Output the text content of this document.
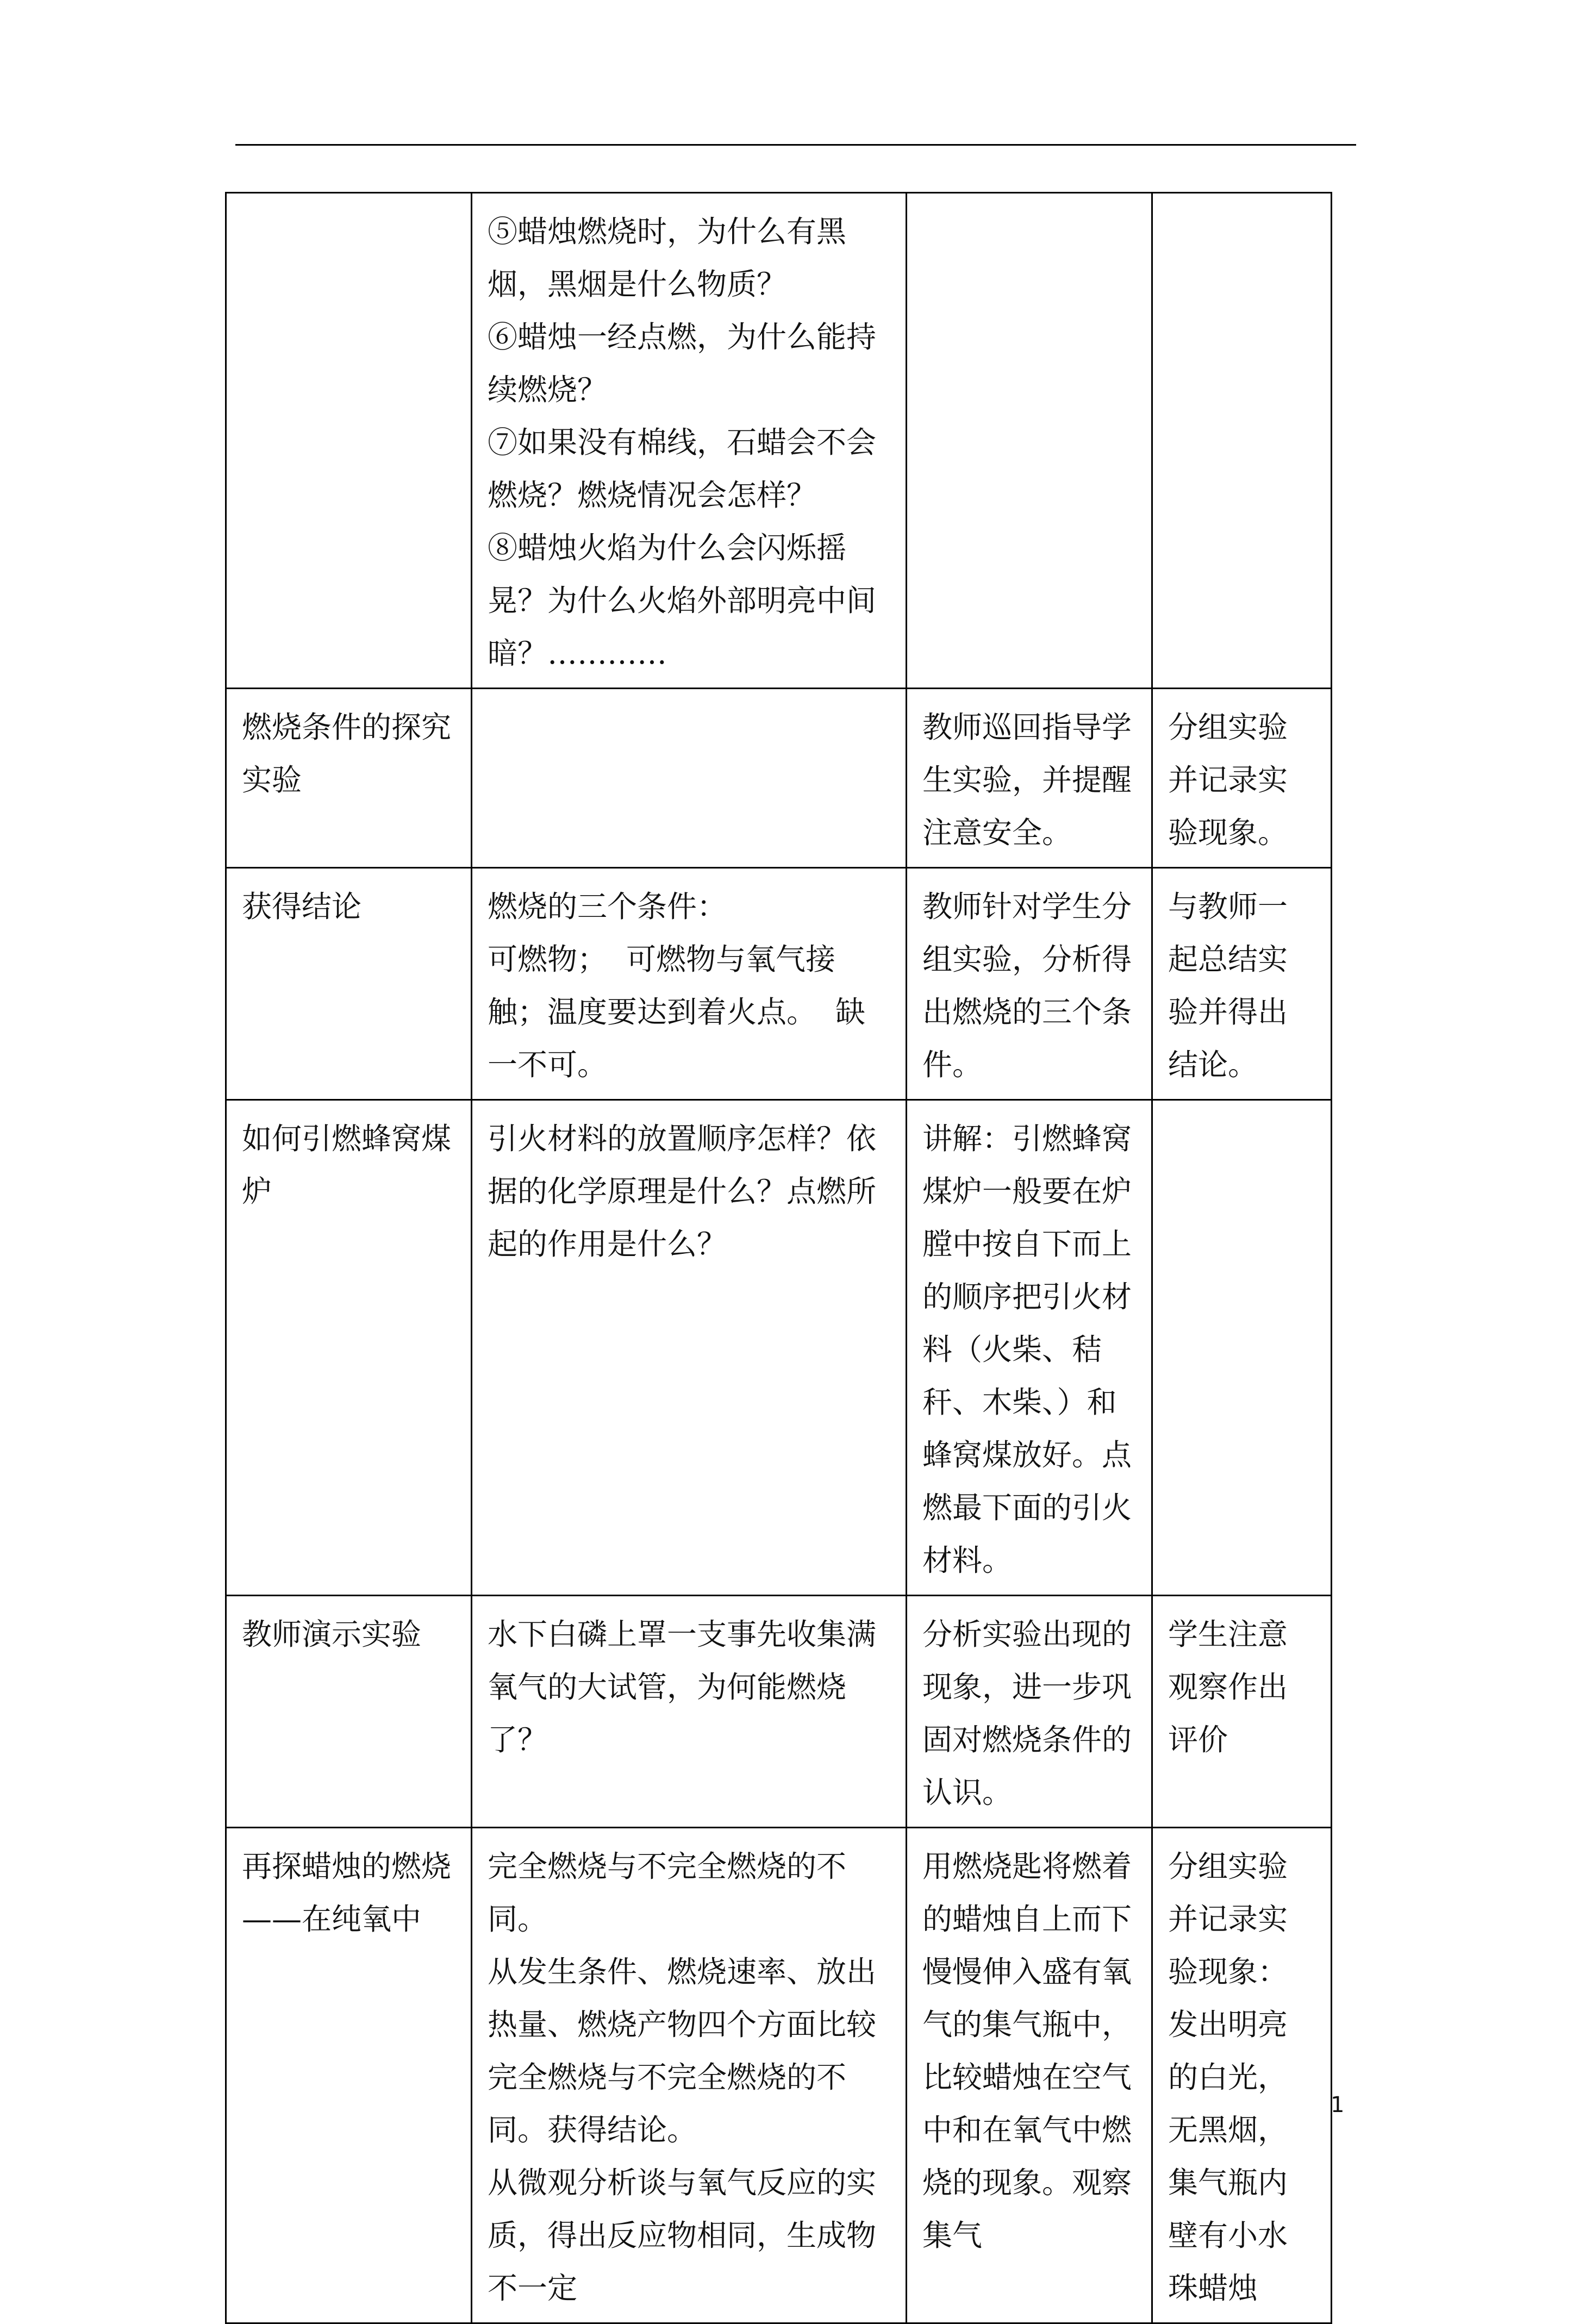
	⑤蜡烛燃烧时，为什么有黑烟，黑烟是什么物质？
⑥蜡烛一经点燃，为什么能持续燃烧？
⑦如果没有棉线，石蜡会不会燃烧？燃烧情况会怎样？
⑧蜡烛火焰为什么会闪烁摇晃？为什么火焰外部明亮中间暗？…………		

燃烧条件的探究实验		教师巡回指导学生实验，并提醒注意安全。	分组实验并记录实验现象。

获得结论	燃烧的三个条件：
可燃物；  可燃物与氧气接触；温度要达到着火点。  缺一不可。	教师针对学生分组实验，分析得出燃烧的三个条件。	与教师一起总结实验并得出结论。

如何引燃蜂窝煤炉	引火材料的放置顺序怎样？依据的化学原理是什么？点燃所起的作用是什么？	讲解：引燃蜂窝煤炉一般要在炉膛中按自下而上的顺序把引火材料（火柴、秸秆、木柴、）和蜂窝煤放好。点燃最下面的引火材料。	

教师演示实验	水下白磷上罩一支事先收集满氧气的大试管，为何能燃烧了？	分析实验出现的现象，进一步巩固对燃烧条件的认识。	学生注意观察作出评价

再探蜡烛的燃烧——在纯氧中	完全燃烧与不完全燃烧的不同。
从发生条件、燃烧速率、放出热量、燃烧产物四个方面比较完全燃烧与不完全燃烧的不同。获得结论。
从微观分析谈与氧气反应的实质，得出反应物相同，生成物不一定	用燃烧匙将燃着的蜡烛自上而下慢慢伸入盛有氧气的集气瓶中，比较蜡烛在空气中和在氧气中燃烧的现象。观察集气	分组实验并记录实验现象：发出明亮的白光，无黑烟，集气瓶内壁有小水珠蜡烛
1
